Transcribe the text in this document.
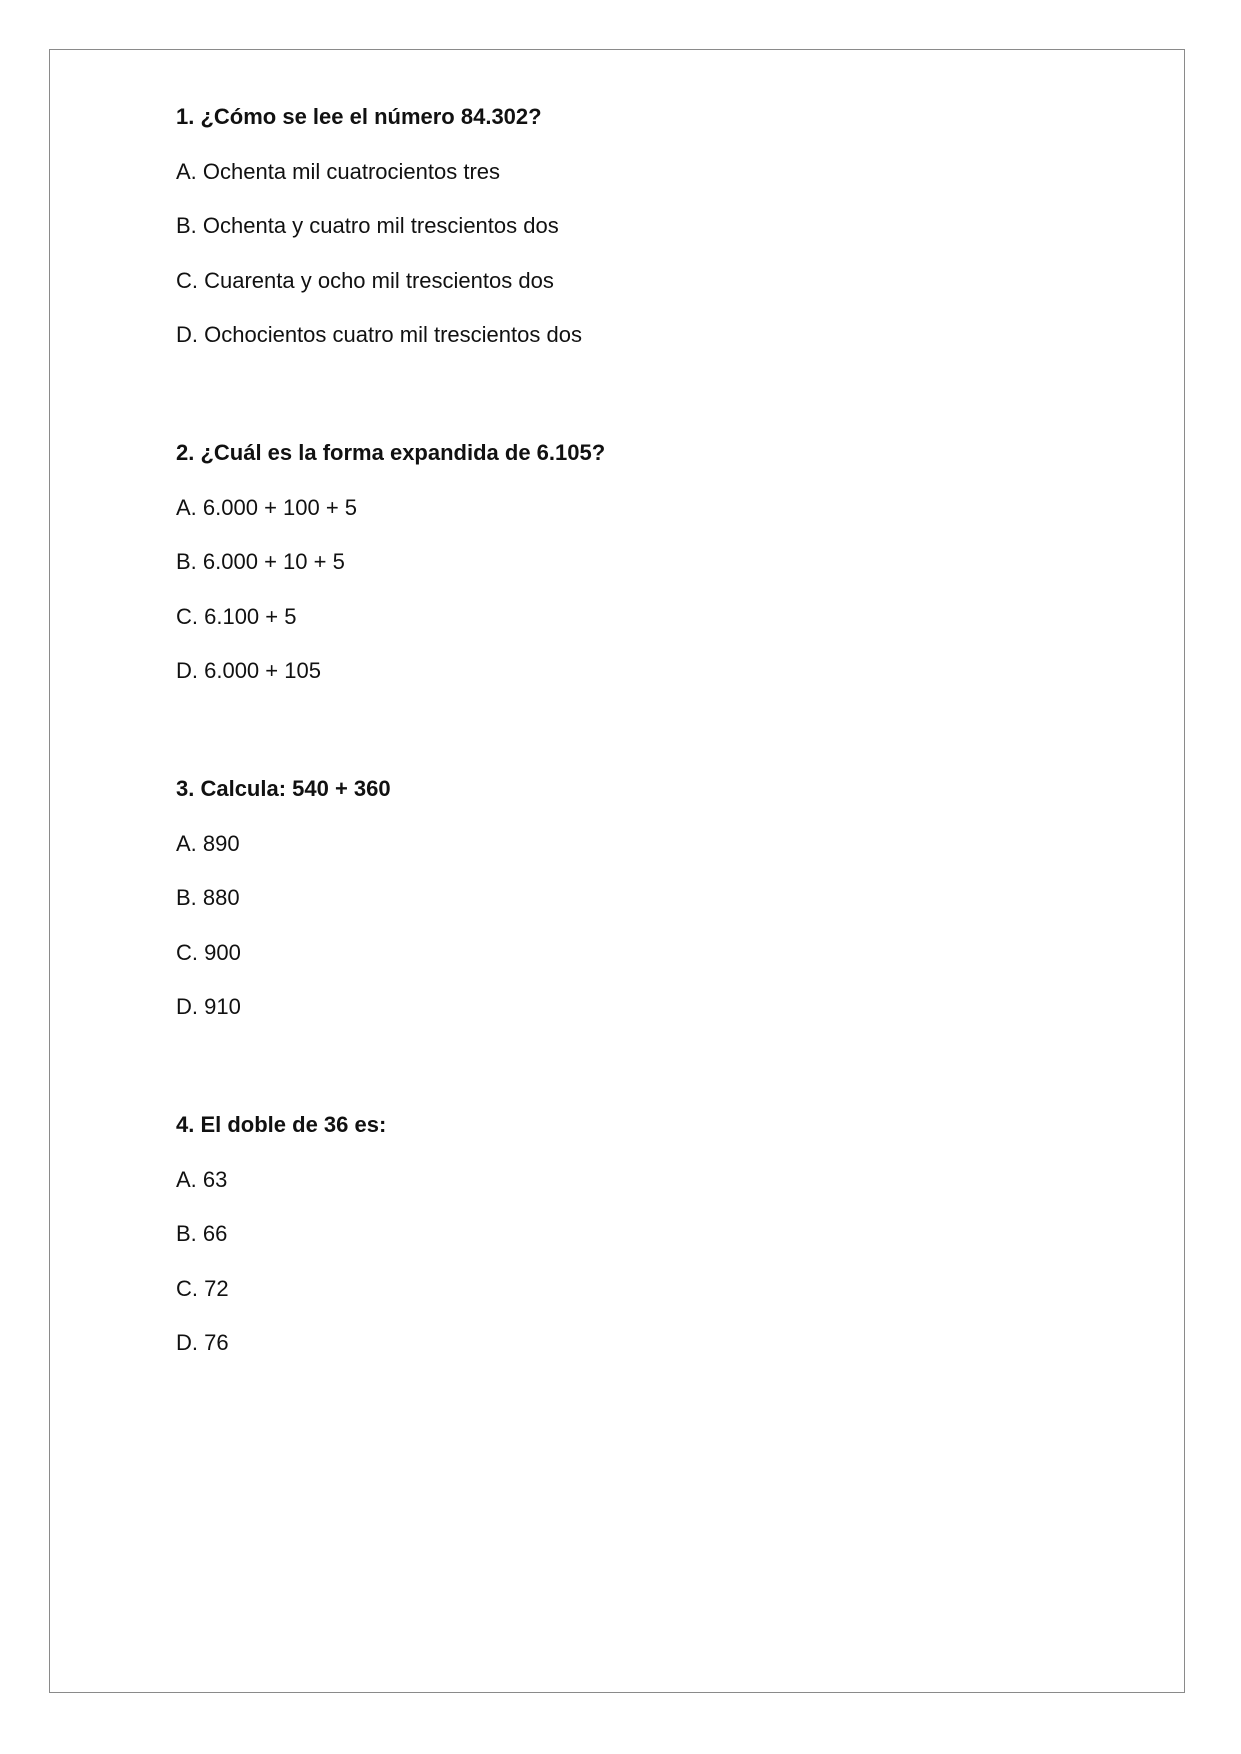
1. ¿Cómo se lee el número 84.302?

A. Ochenta mil cuatrocientos tres
B. Ochenta y cuatro mil trescientos dos
C. Cuarenta y ocho mil trescientos dos
D. Ochocientos cuatro mil trescientos dos

2. ¿Cuál es la forma expandida de 6.105?

A. 6.000 + 100 + 5
B. 6.000 + 10 + 5
C. 6.100 + 5
D. 6.000 + 105

3. Calcula: 540 + 360

A. 890
B. 880
C. 900
D. 910

4. El doble de 36 es:

A. 63
B. 66
C. 72
D. 76
